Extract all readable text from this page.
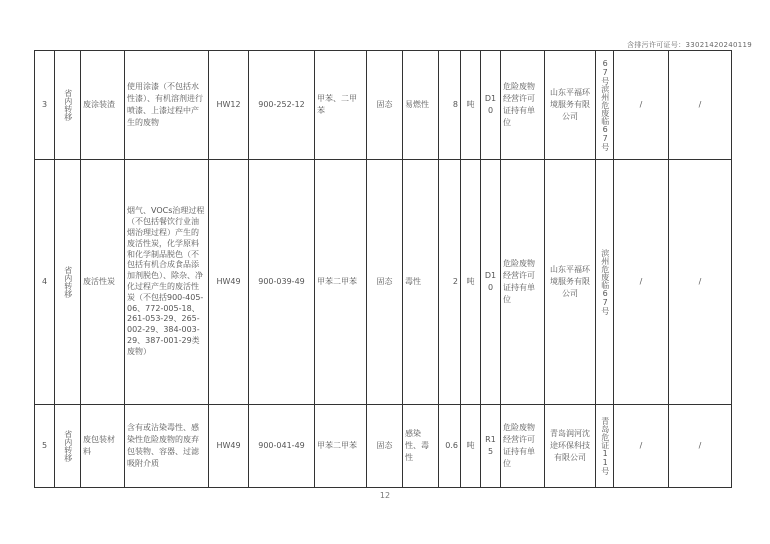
含排污许可证号：33021420240119
3	省内转移	废涂装渣	使用涂漆（不包括水性漆）、有机溶剂进行喷漆、上漆过程中产生的废物	HW12	900-252-12	甲苯、二甲苯	固态	易燃性	8	吨	D10	危险废物经营许可证持有单位	山东平福环境服务有限公司	67号滨州危废临67号	/	/
4	省内转移	废活性炭	烟气、VOCs治理过程（不包括餐饮行业油烟治理过程）产生的废活性炭，化学原料和化学制品脱色（不包括有机合成食品添加剂脱色）、除杂、净化过程产生的废活性炭（不包括900-405-06、772-005-18、261-053-29、265-002-29、384-003-29、387-001-29类废物）	HW49	900-039-49	甲苯二甲苯	固态	毒性	2	吨	D10	危险废物经营许可证持有单位	山东平福环境服务有限公司	滨州危废临67号	/	/
5	省内转移	废包装材料	含有或沾染毒性、感染性危险废物的废弃包装物、容器、过滤吸附介质	HW49	900-041-49	甲苯二甲苯	固态	感染性、毒性	0.6	吨	R15	危险废物经营许可证持有单位	青岛润河沈途环保科技有限公司	青岛危证11号	/	/
12
